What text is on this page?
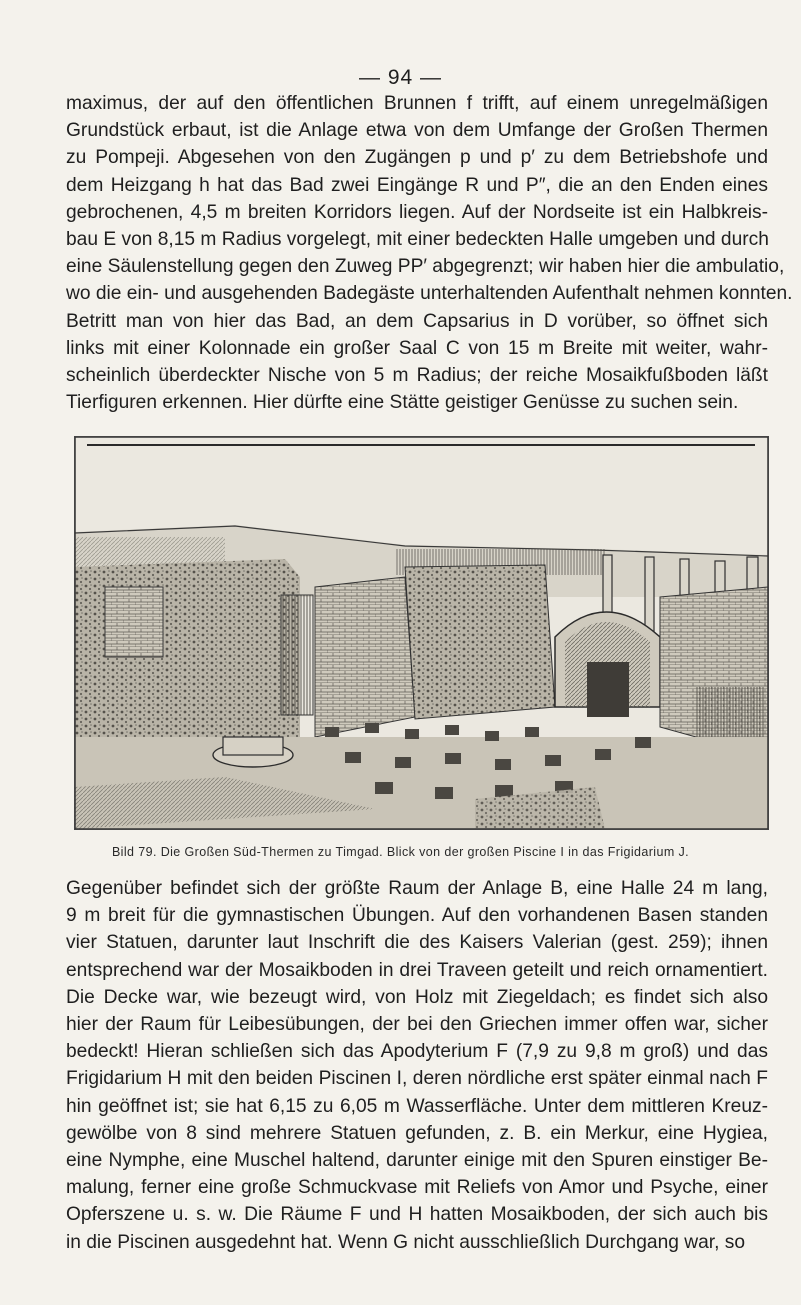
— 94 —
maximus, der auf den öffentlichen Brunnen f trifft, auf einem unregelmäßigen
Grundstück erbaut, ist die Anlage etwa von dem Umfange der Großen Thermen
zu Pompeji. Abgesehen von den Zugängen p und p′ zu dem Betriebshofe und
dem Heizgang h hat das Bad zwei Eingänge R und P″, die an den Enden eines
gebrochenen, 4,5 m breiten Korridors liegen. Auf der Nordseite ist ein Halbkreis-
bau E von 8,15 m Radius vorgelegt, mit einer bedeckten Halle umgeben und durch
eine Säulenstellung gegen den Zuweg PP′ abgegrenzt; wir haben hier die ambulatio,
wo die ein- und ausgehenden Badegäste unterhaltenden Aufenthalt nehmen konnten.
Betritt man von hier das Bad, an dem Capsarius in D vorüber, so öffnet sich
links mit einer Kolonnade ein großer Saal C von 15 m Breite mit weiter, wahr-
scheinlich überdeckter Nische von 5 m Radius; der reiche Mosaikfußboden läßt
Tierfiguren erkennen. Hier dürfte eine Stätte geistiger Genüsse zu suchen sein.
Bild 79. Die Großen Süd-Thermen zu Timgad. Blick von der großen Piscine I in das Frigidarium J.
Gegenüber befindet sich der größte Raum der Anlage B, eine Halle 24 m lang,
9 m breit für die gymnastischen Übungen. Auf den vorhandenen Basen standen
vier Statuen, darunter laut Inschrift die des Kaisers Valerian (gest. 259); ihnen
entsprechend war der Mosaikboden in drei Traveen geteilt und reich ornamentiert.
Die Decke war, wie bezeugt wird, von Holz mit Ziegeldach; es findet sich also
hier der Raum für Leibesübungen, der bei den Griechen immer offen war, sicher
bedeckt! Hieran schließen sich das Apodyterium F (7,9 zu 9,8 m groß) und das
Frigidarium H mit den beiden Piscinen I, deren nördliche erst später einmal nach F
hin geöffnet ist; sie hat 6,15 zu 6,05 m Wasserfläche. Unter dem mittleren Kreuz-
gewölbe von 8 sind mehrere Statuen gefunden, z. B. ein Merkur, eine Hygiea,
eine Nymphe, eine Muschel haltend, darunter einige mit den Spuren einstiger Be-
malung, ferner eine große Schmuckvase mit Reliefs von Amor und Psyche, einer
Opferszene u. s. w. Die Räume F und H hatten Mosaikboden, der sich auch bis
in die Piscinen ausgedehnt hat. Wenn G nicht ausschließlich Durchgang war, so
